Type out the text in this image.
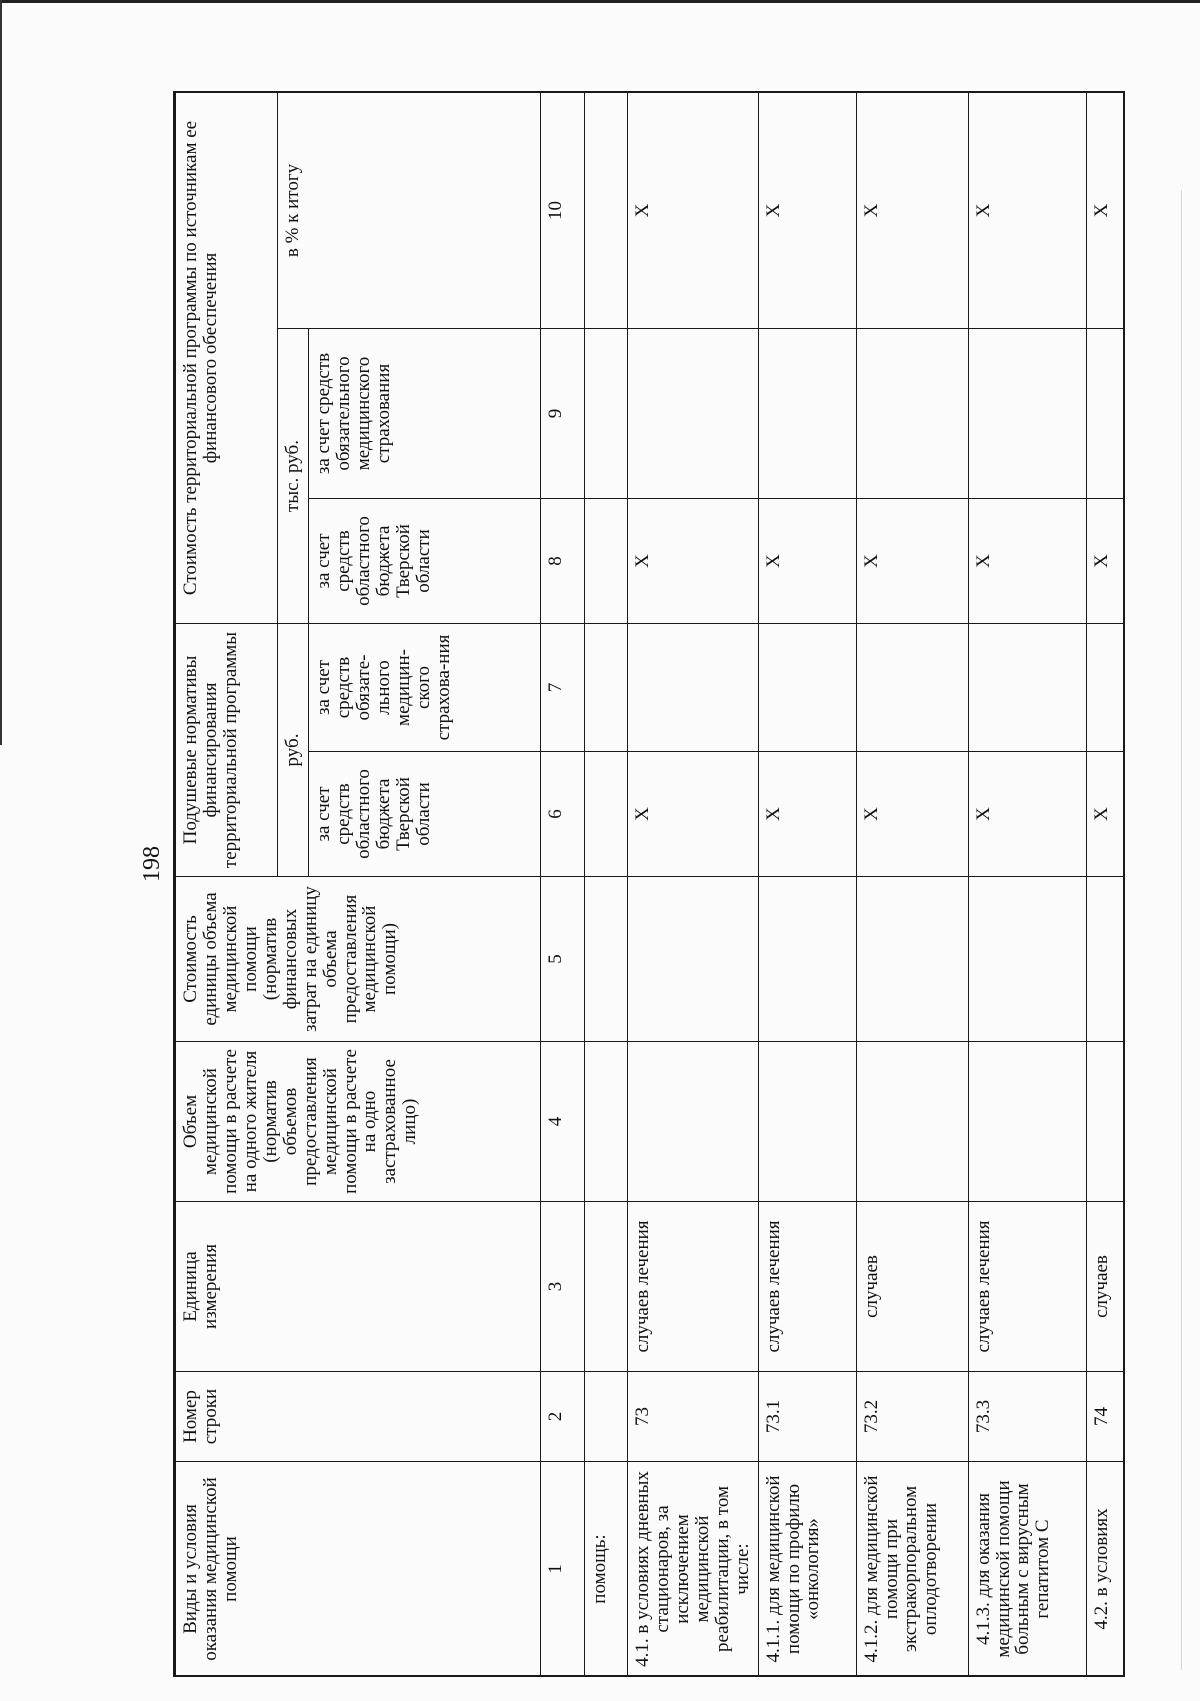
198
Виды и условия оказания медицинской помощи	Номер строки	Единица измерения	Объем медицинской помощи в расчете на одного жителя (норматив объемов предоставления медицинской помощи в расчете на одно застрахованное лицо)	Стоимость единицы объема медицинской помощи (норматив финансовых затрат на единицу объема предоставления медицинской помощи)	Подушевые нормативы финансирования территориальной программы		Стоимость территориальной программы по источникам ее финансового обеспечения		
					руб.		тыс. руб.		в % к итогу
					за счет средств областного бюджета Тверской области	за счет средств обязате-льного медицин-ского страхова-ния	за счет средств областного бюджета Тверской области	за счет средств обязательного медицинского страхования	
1	2	3	4	5	6	7	8	9	10
помощь:									
4.1. в условиях дневных стационаров, за исключением медицинской реабилитации, в том числе:	73	случаев лечения			X		X		X
4.1.1. для медицинской помощи по профилю «онкология»	73.1	случаев лечения			X		X		X
4.1.2. для медицинской помощи при экстракорпоральном оплодотворении	73.2	случаев			X		X		X
4.1.3. для оказания медицинской помощи больным с вирусным гепатитом С	73.3	случаев лечения			X		X		X
4.2. в условиях	74	случаев			X		X		X
